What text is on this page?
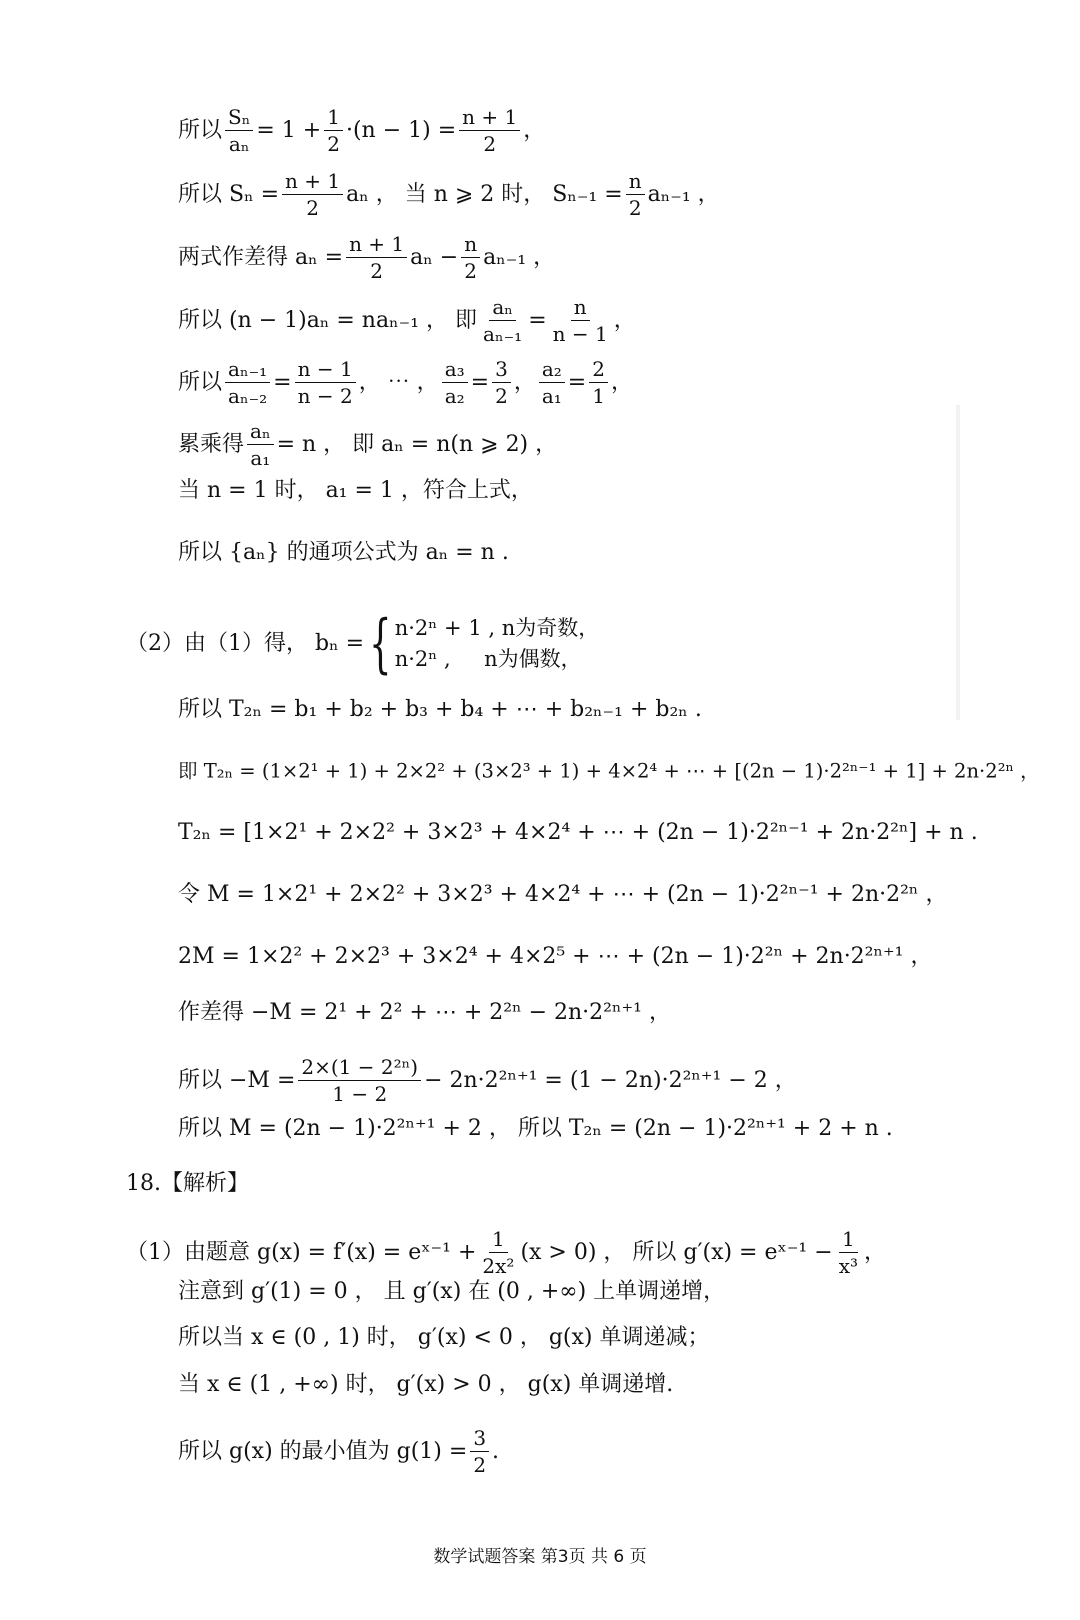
所以 $\frac{\text{Sₙ}}{\text{aₙ}} = 1 + \frac{1}{2} \cdot(n - 1) = \frac{n + 1}{2}$ ，
所以 $S_n = \frac{n + 1}{2}$ aₙ ， 当 n ⩾ 2 时， $S_{n-1} = \frac{n}{2} a_{n-1}$ ，
两式作差得 $a_n = \frac{n + 1}{2}$ $a_n - \frac{n}{2} a_{n-1}$ ，
所以 (n − 1)aₙ = naₙ₋₁ ， 即 $\frac{\text{aₙ}}{\text{aₙ₋₁}} = \frac{n}{n - 1}$ ，
所以 $\frac{\text{aₙ₋₁}}{\text{aₙ₋₂}} = \frac{n - 1}{n - 2}$ ， ⋯ ， $\frac{\text{a₃}}{\text{a₂}} = \frac{3}{2}$ ， $\frac{\text{a₂}}{\text{a₁}} = \frac{2}{1}$ ，
累乘得 $\frac{\text{aₙ}}{\text{a₁}} = n$ ， 即 aₙ = n(n ⩾ 2) ，
当 n = 1 时， a₁ = 1 ，符合上式，
所以 {aₙ} 的通项公式为 aₙ = n .
所以 T₂ₙ = b₁ + b₂ + b₃ + b₄ + ⋯ + b₂ₙ₋₁ + b₂ₙ .
即 T₂ₙ = (1×2¹ + 1) + 2×2² + (3×2³ + 1) + 4×2⁴ + ⋯ + [(2n − 1)·2²ⁿ⁻¹ + 1] + 2n·2²ⁿ ，
T₂ₙ = [1×2¹ + 2×2² + 3×2³ + 4×2⁴ + ⋯ + (2n − 1)·2²ⁿ⁻¹ + 2n·2²ⁿ] + n .
令 M = 1×2¹ + 2×2² + 3×2³ + 4×2⁴ + ⋯ + (2n − 1)·2²ⁿ⁻¹ + 2n·2²ⁿ ，
2M = 1×2² + 2×2³ + 3×2⁴ + 4×2⁵ + ⋯ + (2n − 1)·2²ⁿ + 2n·2²ⁿ⁺¹ ，
作差得 −M = 2¹ + 2² + ⋯ + 2²ⁿ − 2n·2²ⁿ⁺¹ ，
所以 $-M = \frac{\text{2×(1 − 2²ⁿ)}}{1 - 2} - 2n\cdot 2^{2n+1} = (1 - 2n)\cdot 2^{2n+1} - 2$ ，
所以 M = (2n − 1)·2²ⁿ⁺¹ + 2 ， 所以 T₂ₙ = (2n − 1)·2²ⁿ⁺¹ + 2 + n .
18.【解析】
（1）由题意 g(x) = f′(x) = eˣ⁻¹ + $\frac{1}{\text{2x²}} (x > 0)$ ， 所以 g′(x) = eˣ⁻¹ − $\frac{1}{\text{x³}}$ ，
注意到 g′(1) = 0 ， 且 g′(x) 在 (0 , +∞) 上单调递增，
所以当 x ∈ (0 , 1) 时， g′(x) < 0 ， g(x) 单调递减；
当 x ∈ (1 , +∞) 时， g′(x) > 0 ， g(x) 单调递增.
所以 g(x) 的最小值为 $g(1) = \frac{3}{2}$ .
（2）由（1）得， bₙ = { n·2ⁿ + 1 , n为奇数，
n·2ⁿ ,     n为偶数，
数学试题答案 第3页 共 6 页
